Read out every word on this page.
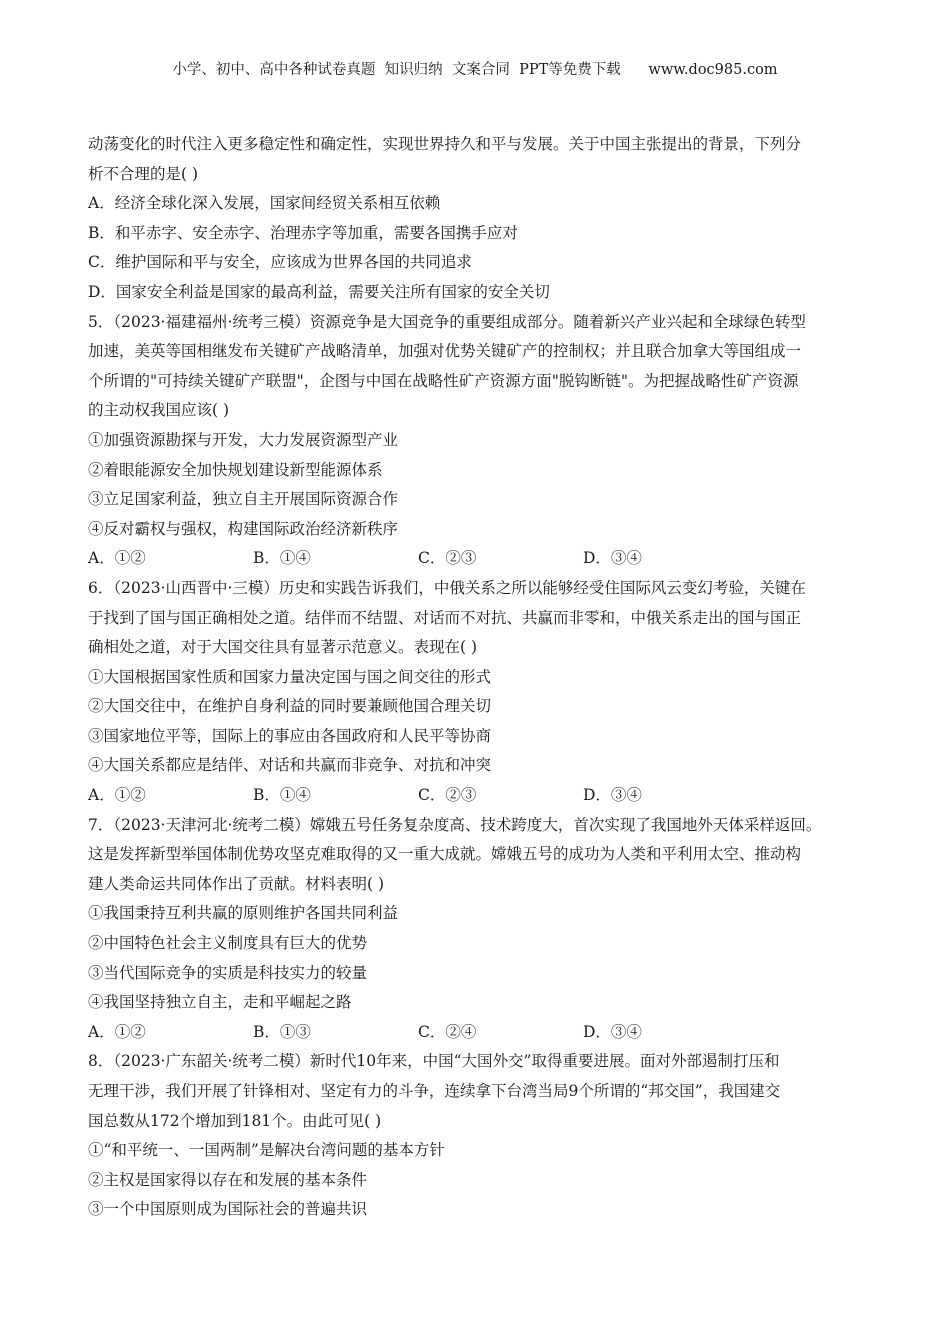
小学、初中、高中各种试卷真题  知识归纳  文案合同  PPT等免费下载      www.doc985.com
动荡变化的时代注入更多稳定性和确定性，实现世界持久和平与发展。关于中国主张提出的背景，下列分
析不合理的是( )
A．经济全球化深入发展，国家间经贸关系相互依赖
B．和平赤字、安全赤字、治理赤字等加重，需要各国携手应对
C．维护国际和平与安全，应该成为世界各国的共同追求
D．国家安全利益是国家的最高利益，需要关注所有国家的安全关切
5．（2023·福建福州·统考三模）资源竞争是大国竞争的重要组成部分。随着新兴产业兴起和全球绿色转型
加速，美英等国相继发布关键矿产战略清单，加强对优势关键矿产的控制权；并且联合加拿大等国组成一
个所谓的"可持续关键矿产联盟"，企图与中国在战略性矿产资源方面"脱钩断链"。为把握战略性矿产资源
的主动权我国应该( )
①加强资源勘探与开发，大力发展资源型产业
②着眼能源安全加快规划建设新型能源体系
③立足国家利益，独立自主开展国际资源合作
④反对霸权与强权，构建国际政治经济新秩序
A．①②	B．①④	C．②③	D．③④
6．（2023·山西晋中·三模）历史和实践告诉我们，中俄关系之所以能够经受住国际风云变幻考验，关键在
于找到了国与国正确相处之道。结伴而不结盟、对话而不对抗、共赢而非零和，中俄关系走出的国与国正
确相处之道，对于大国交往具有显著示范意义。表现在( )
①大国根据国家性质和国家力量决定国与国之间交往的形式
②大国交往中，在维护自身利益的同时要兼顾他国合理关切
③国家地位平等，国际上的事应由各国政府和人民平等协商
④大国关系都应是结伴、对话和共赢而非竞争、对抗和冲突
A．①②	B．①④	C．②③	D．③④
7．（2023·天津河北·统考二模）嫦娥五号任务复杂度高、技术跨度大，首次实现了我国地外天体采样返回。
这是发挥新型举国体制优势攻坚克难取得的又一重大成就。嫦娥五号的成功为人类和平利用太空、推动构
建人类命运共同体作出了贡献。材料表明( )
①我国秉持互利共赢的原则维护各国共同利益
②中国特色社会主义制度具有巨大的优势
③当代国际竞争的实质是科技实力的较量
④我国坚持独立自主，走和平崛起之路
A．①②	B．①③	C．②④	D．③④
8．（2023·广东韶关·统考二模）新时代10年来，中国“大国外交”取得重要进展。面对外部遏制打压和
无理干涉，我们开展了针锋相对、坚定有力的斗争，连续拿下台湾当局9个所谓的“邦交国”，我国建交
国总数从172个增加到181个。由此可见( )
①“和平统一、一国两制”是解决台湾问题的基本方针
②主权是国家得以存在和发展的基本条件
③一个中国原则成为国际社会的普遍共识
